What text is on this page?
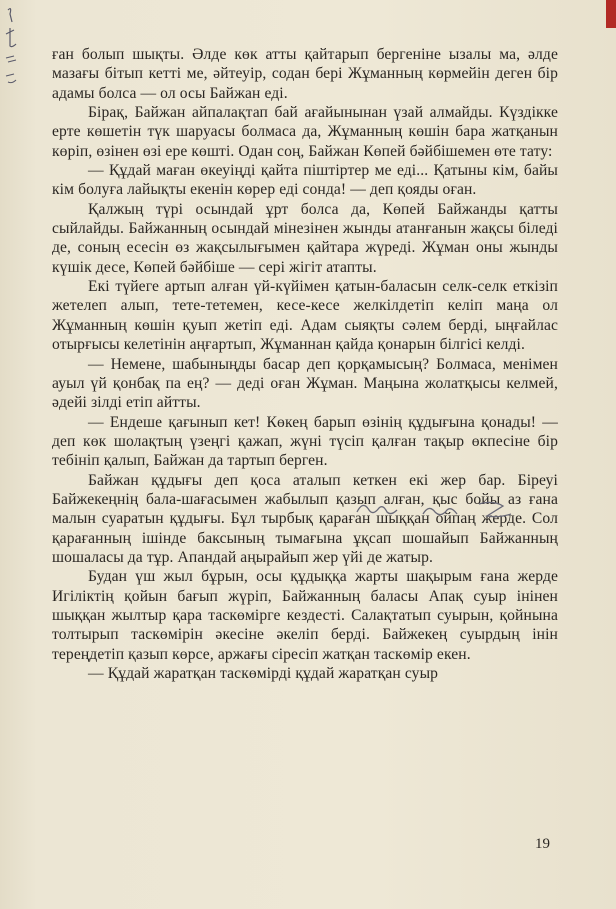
ған болып шықты. Әлде көк атты қайтарып бергеніне ызалы ма, әлде мазағы бітып кетті ме, әйтеуір, содан бері Жұманның көрмейін деген бір адамы болса — ол осы Байжан еді.

Бірақ, Байжан айпалақтап бай ағайынынан үзай алмайды. Күздікке ерте көшетін түк шаруасы болмаса да, Жұманның көшін бара жатқанын көріп, өзінен өзі ере көшті. Одан соң, Байжан Көпей бәйбішемен өте тату:

— Құдай маған өкеуіңді қайта піштіртер ме еді... Қатыны кім, байы кім болуға лайықты екенін көрер еді сонда! — деп қояды оған.

Қалжың түрі осындай ұрт болса да, Көпей Байжанды қатты сыйлайды. Байжанның осындай мінезінен жынды атанғанын жақсы біледі де, соның есесін өз жақсылығымен қайтара жүреді. Жұман оны жынды күшік десе, Көпей бәйбіше — сері жігіт атапты.

Екі түйеге артып алған үй-күйімен қатын-баласын селк-селк еткізіп жетелеп алып, тете-тетемен, кесе-кесе желкілдетіп келіп маңа ол Жұманның көшін қуып жетіп еді. Адам сыяқты сәлем берді, ыңғайлас отырғысы келетінін аңғартып, Жұманнан қайда қонарын білгісі келді.

— Немене, шабыныңды басар деп қорқамысың? Болмаса, менімен ауыл үй қонбақ па ең? — деді оған Жұман. Маңына жолатқысы келмей, әдейі зілді етіп айтты.

— Ендеше қағынып кет! Көкең барып өзінің құдығына қонады! — деп көк шолақтың үзеңгі қажап, жүні түсіп қалған тақыр өкпесіне бір тебініп қалып, Байжан да тартып берген.

Байжан құдығы деп қоса аталып кеткен екі жер бар. Біреуі Байжекеңнің бала-шағасымен жабылып қазып алған, қыс бойы аз ғана малын суаратын құдығы. Бұл тырбық қараған шыққан ойпаң жерде. Сол қарағанның ішінде баксының тымағына ұқсап шошайып Байжанның шошаласы да тұр. Апандай аңырайып жер үйі де жатыр.

Будан үш жыл бұрын, осы құдыққа жарты шақырым ғана жерде Игіліктің қойын бағып жүріп, Байжанның баласы Апақ суыр інінен шыққан жылтыр қара таскөмірге кездесті. Салақтатып суырын, қойнына толтырып таскөмірін әкесіне әкеліп берді. Байжекең суырдың інін тереңдетіп қазып көрсе, аржағы сіресіп жатқан таскөмір екен.

— Құдай жаратқан таскөмірді құдай жаратқан суыр

19
